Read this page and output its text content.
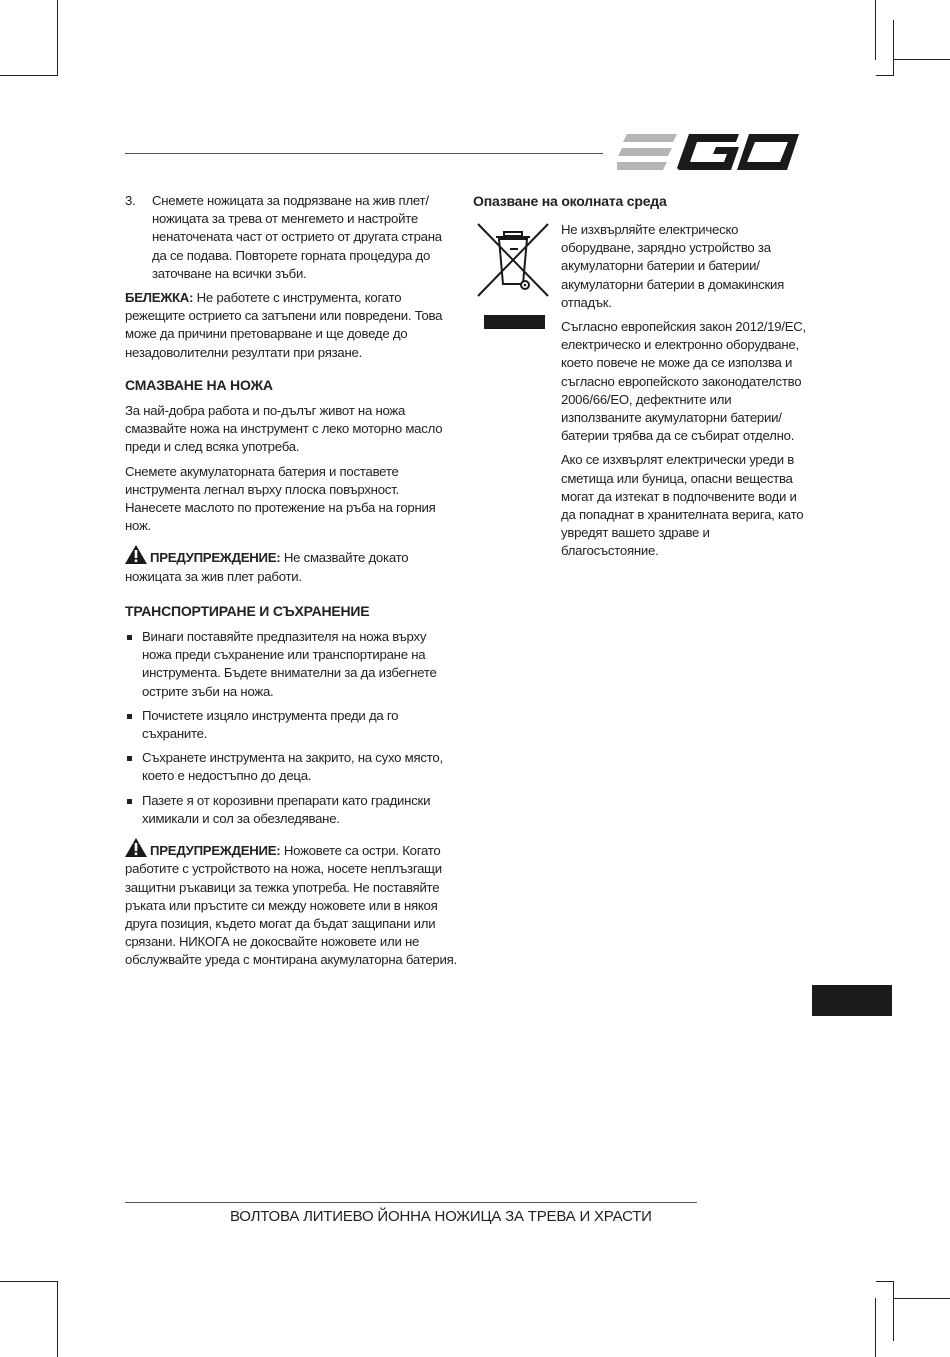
3. Снемете ножицата за подрязване на жив плет/ ножицата за трева от менгемето и настройте ненаточената част от острието от другата страна да се подава. Повторете горната процедура до заточване на всички зъби.

БЕЛЕЖКА: Не работете с инструмента, когато режещите острието са затъпени или повредени. Това може да причини претоварване и ще доведе до незадоволителни резултати при рязане.

СМАЗВАНЕ НА НОЖА

За най-добра работа и по-дълъг живот на ножа смазвайте ножа на инструмент с леко моторно масло преди и след всяка употреба.

Снемете акумулаторната батерия и поставете инструмента легнал върху плоска повърхност. Нанесете маслото по протежение на ръба на горния нож.

ПРЕДУПРЕЖДЕНИЕ: Не смазвайте докато ножицата за жив плет работи.

ТРАНСПОРТИРАНЕ И СЪХРАНЕНИЕ
Винаги поставяйте предпазителя на ножа върху ножа преди съхранение или транспортиране на инструмента. Бъдете внимателни за да избегнете острите зъби на ножа.
Почистете изцяло инструмента преди да го съхраните.
Съхранете инструмента на закрито, на сухо място, което е недостъпно до деца.
Пазете я от корозивни препарати като градински химикали и сол за обезледяване.

ПРЕДУПРЕЖДЕНИЕ: Ножовете са остри. Когато работите с устройството на ножа, носете неплъзгащи защитни ръкавици за тежка употреба. Не поставяйте ръката или пръстите си между ножовете или в някоя друга позиция, където могат да бъдат защипани или срязани. НИКОГА не докосвайте ножовете или не обслужвайте уреда с монтирана акумулаторна батерия.

Опазване на околната среда

Не изхвърляйте електрическо оборудване, зарядно устройство за акумулаторни батерии и батерии/ акумулаторни батерии в домакинския отпадък.

Съгласно европейския закон 2012/19/ЕС, електрическо и електронно оборудване, което повече не може да се използва и съгласно европейското законодателство 2006/66/ЕО, дефектните или използваните акумулаторни батерии/ батерии трябва да се събират отделно.

Ако се изхвърлят електрически уреди в сметища или буница, опасни вещества могат да изтекат в подпочвените води и да попаднат в хранителната верига, като увредят вашето здраве и благосъстояние.

ВОЛТОВА ЛИТИЕВО ЙОННА НОЖИЦА ЗА ТРЕВА И ХРАСТИ
